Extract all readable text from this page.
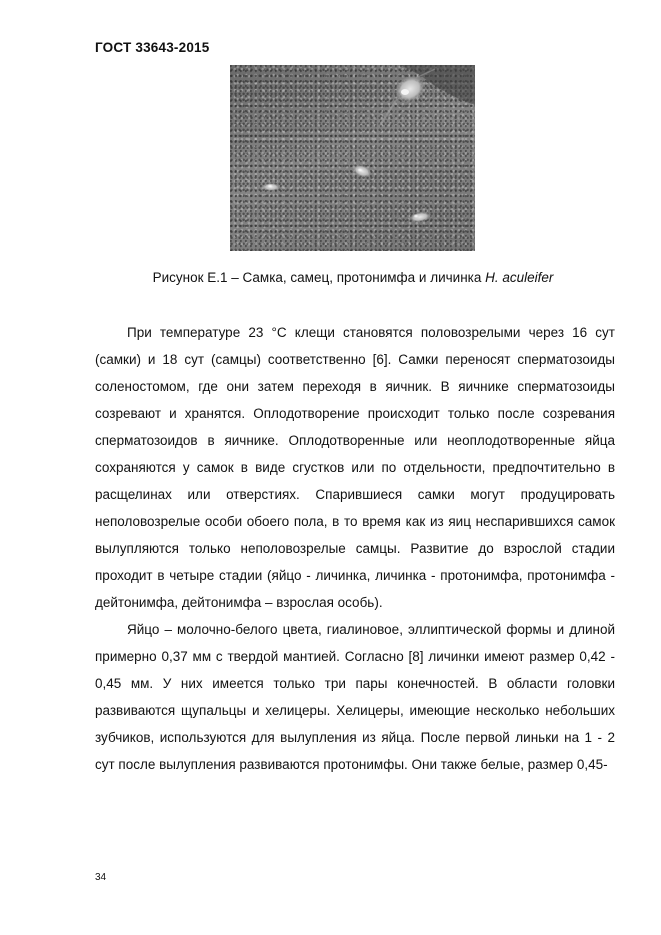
ГОСТ 33643-2015
Рисунок Е.1 – Самка, самец, протонимфа и личинка H. aculeifer

При температуре 23 °С клещи становятся половозрелыми через 16 сут (самки) и 18 сут (самцы) соответственно [6]. Самки переносят сперматозоиды соленостомом, где они затем переходя в яичник. В яичнике сперматозоиды созревают и хранятся. Оплодотворение происходит только после созревания сперматозоидов в яичнике. Оплодотворенные или неоплодотворенные яйца сохраняются у самок в виде сгустков или по отдельности, предпочтительно в расщелинах или отверстиях. Спарившиеся самки могут продуцировать неполовозрелые особи обоего пола, в то время как из яиц неспарившихся самок вылупляются только неполовозрелые самцы. Развитие до взрослой стадии проходит в четыре стадии (яйцо - личинка, личинка - протонимфа, протонимфа - дейтонимфа, дейтонимфа – взрослая особь).

Яйцо – молочно-белого цвета, гиалиновое, эллиптической формы и длиной примерно 0,37 мм с твердой мантией. Согласно [8] личинки имеют размер 0,42 - 0,45 мм. У них имеется только три пары конечностей. В области головки развиваются щупальцы и хелицеры. Хелицеры, имеющие несколько небольших зубчиков, используются для вылупления из яйца. После первой линьки на 1 - 2 сут после вылупления развиваются протонимфы. Они также белые, размер 0,45-

34
